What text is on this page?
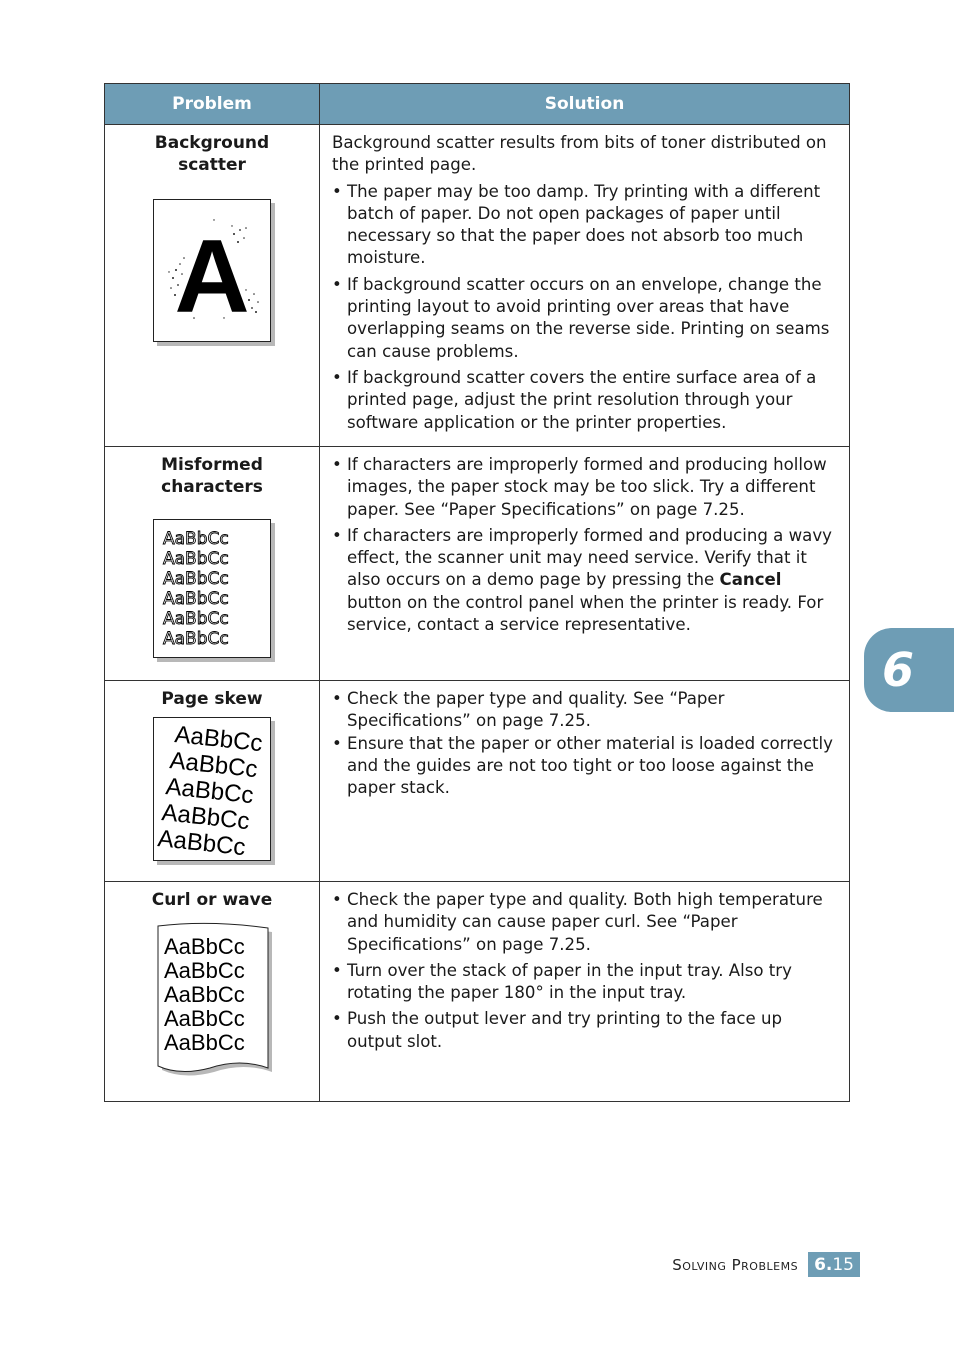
Problem	Solution
Background scatter
A
Background scatter results from bits of toner distributed on the printed page.
• The paper may be too damp. Try printing with a different batch of paper. Do not open packages of paper until necessary so that the paper does not absorb too much moisture.
• If background scatter occurs on an envelope, change the printing layout to avoid printing over areas that have overlapping seams on the reverse side. Printing on seams can cause problems.
• If background scatter covers the entire surface area of a printed page, adjust the print resolution through your software application or the printer properties.
Misformed characters
AaBbCc
AaBbCc
AaBbCc
AaBbCc
AaBbCc
AaBbCc
• If characters are improperly formed and producing hollow images, the paper stock may be too slick. Try a different paper. See “Paper Specifications” on page 7.25.
• If characters are improperly formed and producing a wavy effect, the scanner unit may need service. Verify that it also occurs on a demo page by pressing the Cancel button on the control panel when the printer is ready. For service, contact a service representative.
Page skew
AaBbCc
AaBbCc
AaBbCc
AaBbCc
AaBbCc
• Check the paper type and quality. See “Paper Specifications” on page 7.25.
• Ensure that the paper or other material is loaded correctly and the guides are not too tight or too loose against the paper stack.
Curl or wave
AaBbCc
AaBbCc
AaBbCc
AaBbCc
AaBbCc
• Check the paper type and quality. Both high temperature and humidity can cause paper curl. See “Paper Specifications” on page 7.25.
• Turn over the stack of paper in the input tray. Also try rotating the paper 180° in the input tray.
• Push the output lever and try printing to the face up output slot.
6
Solving Problems 6. 15
